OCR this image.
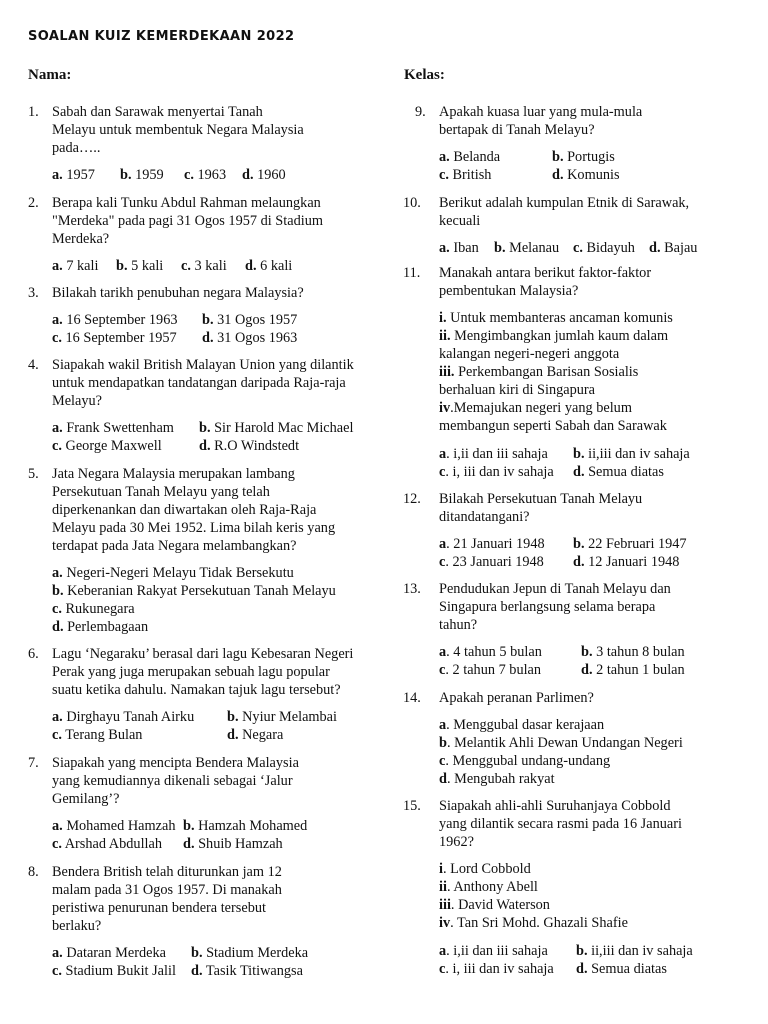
SOALAN KUIZ KEMERDEKAAN 2022
Nama:	Kelas:
1. Sabah dan Sarawak menyertai Tanah
Melayu untuk membentuk Negara Malaysia
pada…..
a. 1957 b. 1959 c. 1963 d. 1960
2. Berapa kali Tunku Abdul Rahman melaungkan
"Merdeka" pada pagi 31 Ogos 1957 di Stadium
Merdeka?
a. 7 kali b. 5 kali c. 3 kali d. 6 kali
3. Bilakah tarikh penubuhan negara Malaysia?
a. 16 September 1963 b. 31 Ogos 1957
c. 16 September 1957 d. 31 Ogos 1963
4. Siapakah wakil British Malayan Union yang dilantik
untuk mendapatkan tandatangan daripada Raja-raja
Melayu?
a. Frank Swettenham b. Sir Harold Mac Michael
c. George Maxwell	d. R.O Windstedt
5. Jata Negara Malaysia merupakan lambang
Persekutuan Tanah Melayu yang telah
diperkenankan dan diwartakan oleh Raja-Raja
Melayu pada 30 Mei 1952. Lima bilah keris yang
terdapat pada Jata Negara melambangkan?
a. Negeri-Negeri Melayu Tidak Bersekutu
b. Keberanian Rakyat Persekutuan Tanah Melayu
c. Rukunegara
d. Perlembagaan
6. Lagu ‘Negaraku’ berasal dari lagu Kebesaran Negeri
Perak yang juga merupakan sebuah lagu popular
suatu ketika dahulu. Namakan tajuk lagu tersebut?
a. Dirghayu Tanah Airku b. Nyiur Melambai
c. Terang Bulan	d. Negara
7. Siapakah yang mencipta Bendera Malaysia
yang kemudiannya dikenali sebagai ‘Jalur
Gemilang’?
a. Mohamed Hamzah b. Hamzah Mohamed
c. Arshad Abdullah d. Shuib Hamzah
8. Bendera British telah diturunkan jam 12
malam pada 31 Ogos 1957. Di manakah
peristiwa penurunan bendera tersebut
berlaku?
a. Dataran Merdeka b. Stadium Merdeka
c. Stadium Bukit Jalil d. Tasik Titiwangsa
9. Apakah kuasa luar yang mula-mula
bertapak di Tanah Melayu?
a. Belanda	b. Portugis
c. British	d. Komunis
10.	Berikut adalah kumpulan Etnik di Sarawak,
kecuali
a. Iban b. Melanau c. Bidayuh d. Bajau
11.	Manakah antara berikut faktor-faktor
pembentukan Malaysia?
i. Untuk membanteras ancaman komunis
ii. Mengimbangkan jumlah kaum dalam
kalangan negeri-negeri anggota
iii. Perkembangan Barisan Sosialis
berhaluan kiri di Singapura
iv.Memajukan negeri yang belum
membangun seperti Sabah dan Sarawak
a. i,ii dan iii sahaja b. ii,iii dan iv sahaja
c. i, iii dan iv sahaja d. Semua diatas
12.	Bilakah Persekutuan Tanah Melayu
ditandatangani?
a. 21 Januari 1948 b. 22 Februari 1947
c. 23 Januari 1948 d. 12 Januari 1948
13.	Pendudukan Jepun di Tanah Melayu dan
Singapura berlangsung selama berapa
tahun?
a. 4 tahun 5 bulan	b. 3 tahun 8 bulan
c. 2 tahun 7 bulan	d. 2 tahun 1 bulan
14.	Apakah peranan Parlimen?
a. Menggubal dasar kerajaan
b. Melantik Ahli Dewan Undangan Negeri
c. Menggubal undang-undang
d. Mengubah rakyat
15.	Siapakah ahli-ahli Suruhanjaya Cobbold
yang dilantik secara rasmi pada 16 Januari
1962?
i. Lord Cobbold
ii. Anthony Abell
iii. David Waterson
iv. Tan Sri Mohd. Ghazali Shafie
a. i,ii dan iii sahaja b. ii,iii dan iv sahaja
c. i, iii dan iv sahaja d. Semua diatas
